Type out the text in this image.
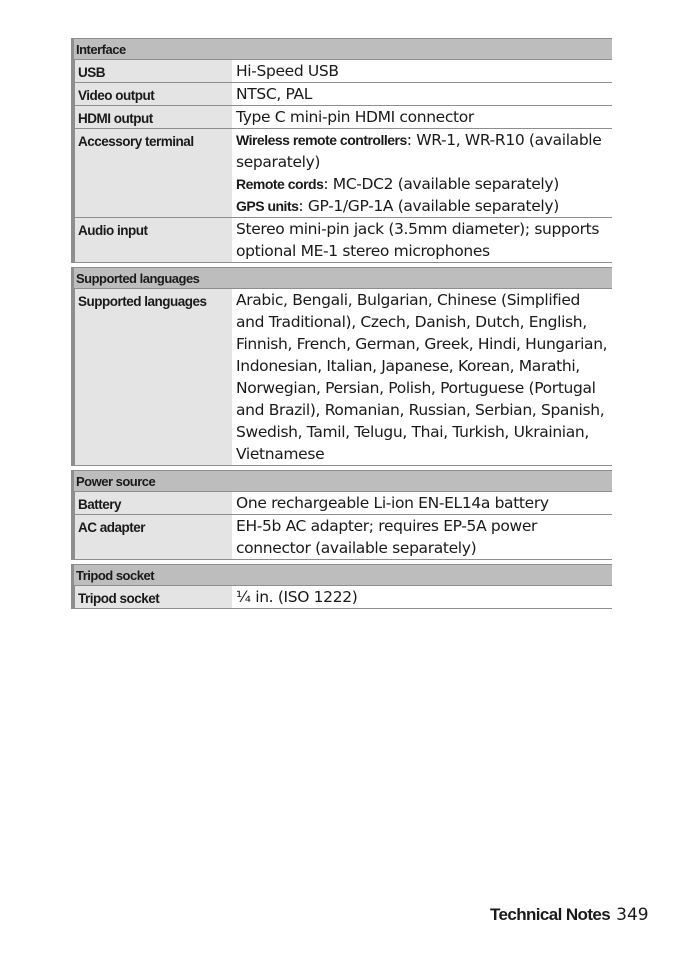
Interface
USB	Hi-Speed USB

Video output	NTSC, PAL

HDMI output	Type C mini-pin HDMI connector

Accessory terminal	Wireless remote controllers: WR-1, WR-R10 (available separately)

Remote cords: MC-DC2 (available separately)

GPS units: GP-1/GP-1A (available separately)

Audio input	Stereo mini-pin jack (3.5mm diameter); supports optional ME-1 stereo microphones

Supported languages
Supported languages	Arabic, Bengali, Bulgarian, Chinese (Simplified and Traditional), Czech, Danish, Dutch, English, Finnish, French, German, Greek, Hindi, Hungarian, Indonesian, Italian, Japanese, Korean, Marathi, Norwegian, Persian, Polish, Portuguese (Portugal and Brazil), Romanian, Russian, Serbian, Spanish, Swedish, Tamil, Telugu, Thai, Turkish, Ukrainian, Vietnamese

Power source
Battery	One rechargeable Li-ion EN-EL14a battery

AC adapter	EH-5b AC adapter; requires EP-5A power connector (available separately)

Tripod socket
Tripod socket	¼ in. (ISO 1222)

Technical Notes 349
